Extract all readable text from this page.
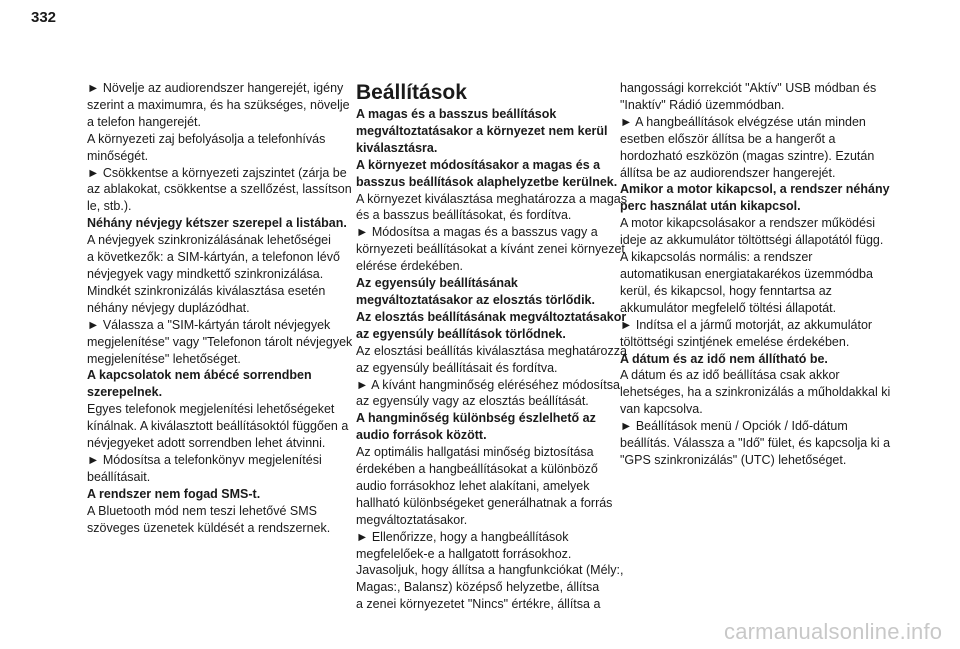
332

► Növelje az audiorendszer hangerejét, igény
szerint a maximumra, és ha szükséges, növelje
a telefon hangerejét.

A környezeti zaj befolyásolja a telefonhívás
minőségét.

► Csökkentse a környezeti zajszintet (zárja be
az ablakokat, csökkentse a szellőzést, lassítson
le, stb.).

Néhány névjegy kétszer szerepel a listában.

A névjegyek szinkronizálásának lehetőségei
a következők: a SIM-kártyán, a telefonon lévő
névjegyek vagy mindkettő szinkronizálása.
Mindkét szinkronizálás kiválasztása esetén
néhány névjegy duplázódhat.

► Válassza a "SIM-kártyán tárolt névjegyek
megjelenítése" vagy "Telefonon tárolt névjegyek
megjelenítése" lehetőséget.

A kapcsolatok nem ábécé sorrendben
szerepelnek.

Egyes telefonok megjelenítési lehetőségeket
kínálnak. A kiválasztott beállításoktól függően a
névjegyeket adott sorrendben lehet átvinni.

► Módosítsa a telefonkönyv megjelenítési
beállításait.

A rendszer nem fogad SMS-t.

A Bluetooth mód nem teszi lehetővé SMS
szöveges üzenetek küldését a rendszernek.

Beállítások

A magas és a basszus beállítások
megváltoztatásakor a környezet nem kerül
kiválasztásra.
A környezet módosításakor a magas és a
basszus beállítások alaphelyzetbe kerülnek.

A környezet kiválasztása meghatározza a magas
és a basszus beállításokat, és fordítva.

► Módosítsa a magas és a basszus vagy a
környezeti beállításokat a kívánt zenei környezet
elérése érdekében.

Az egyensúly beállításának
megváltoztatásakor az elosztás törlődik.
Az elosztás beállításának megváltoztatásakor
az egyensúly beállítások törlődnek.

Az elosztási beállítás kiválasztása meghatározza
az egyensúly beállításait és fordítva.

► A kívánt hangminőség eléréséhez módosítsa
az egyensúly vagy az elosztás beállítását.

A hangminőség különbség észlelhető az
audio források között.

Az optimális hallgatási minőség biztosítása
érdekében a hangbeállításokat a különböző
audio forrásokhoz lehet alakítani, amelyek
hallható különbségeket generálhatnak a forrás
megváltoztatásakor.

► Ellenőrizze, hogy a hangbeállítások
megfelelőek-e a hallgatott forrásokhoz.
Javasoljuk, hogy állítsa a hangfunkciókat (Mély:,
Magas:, Balansz) középső helyzetbe, állítsa
a zenei környezetet "Nincs" értékre, állítsa a

hangossági korrekciót "Aktív" USB módban és
"Inaktív" Rádió üzemmódban.

► A hangbeállítások elvégzése után minden
esetben először állítsa be a hangerőt a
hordozható eszközön (magas szintre). Ezután
állítsa be az audiorendszer hangerejét.

Amikor a motor kikapcsol, a rendszer néhány
perc használat után kikapcsol.

A motor kikapcsolásakor a rendszer működési
ideje az akkumulátor töltöttségi állapotától függ.
A kikapcsolás normális: a rendszer
automatikusan energiatakarékos üzemmódba
kerül, és kikapcsol, hogy fenntartsa az
akkumulátor megfelelő töltési állapotát.

► Indítsa el a jármű motorját, az akkumulátor
töltöttségi szintjének emelése érdekében.

A dátum és az idő nem állítható be.

A dátum és az idő beállítása csak akkor
lehetséges, ha a szinkronizálás a műholdakkal ki
van kapcsolva.

► Beállítások menü / Opciók / Idő-dátum
beállítás. Válassza a "Idő" fület, és kapcsolja ki a
"GPS szinkronizálás" (UTC) lehetőséget.

carmanualsonline.info
